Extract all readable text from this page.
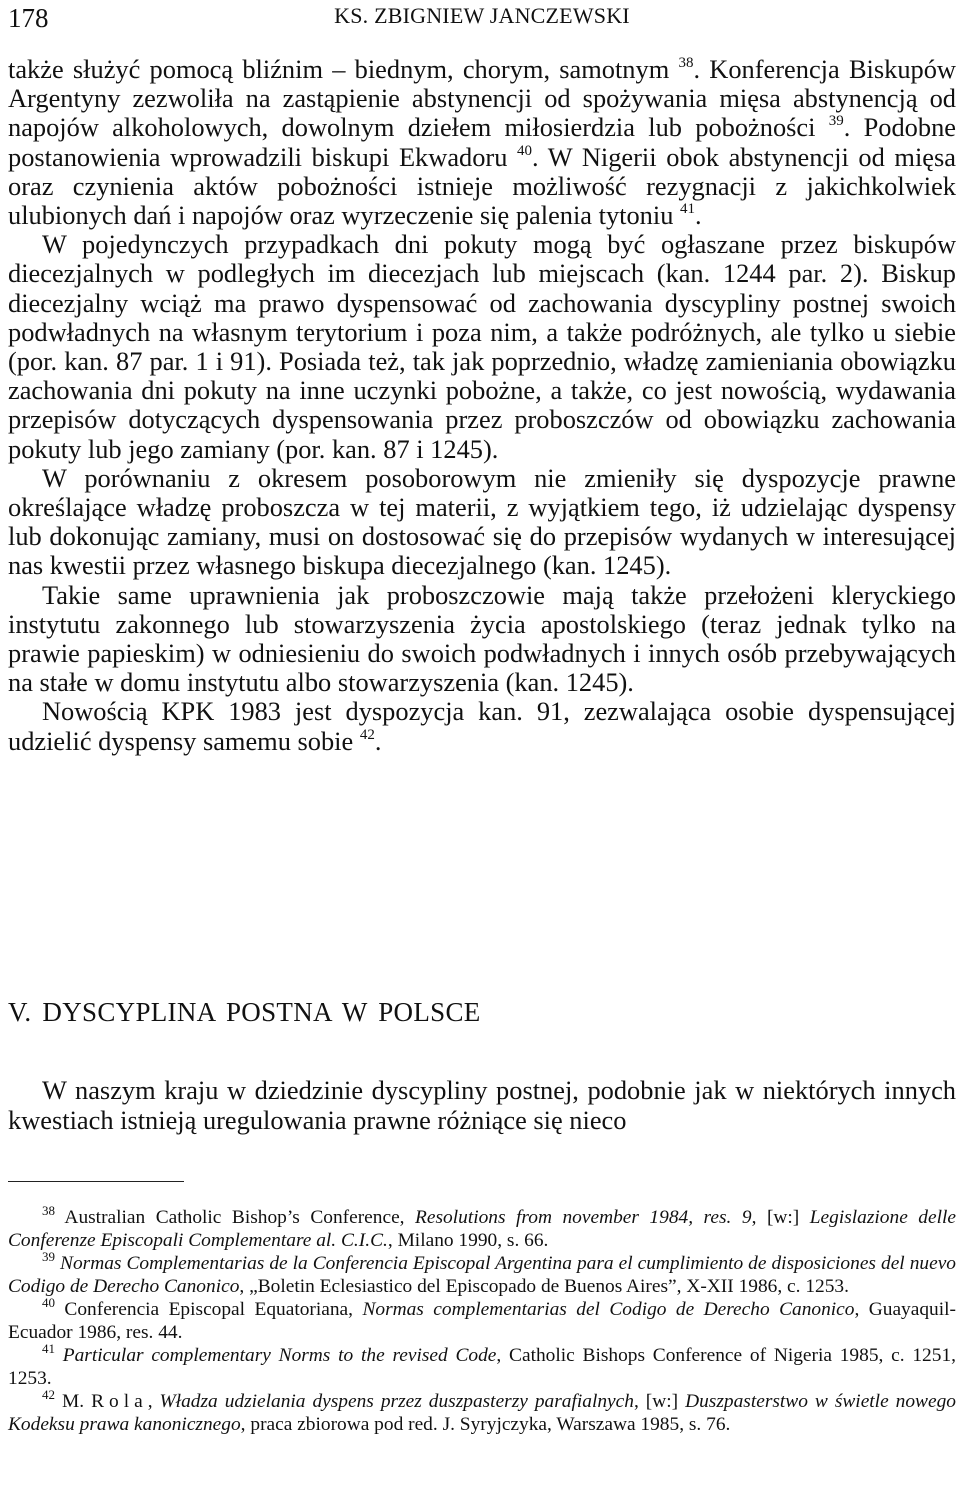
178	KS. ZBIGNIEW JANCZEWSKI

także służyć pomocą bliźnim – biednym, chorym, samotnym $^{38}$. Konferencja Biskupów Argentyny zezwoliła na zastąpienie abstynencji od spożywania mięsa abstynencją od napojów alkoholowych, dowolnym dziełem miłosierdzia lub pobożności $^{39}$. Podobne postanowienia wprowadzili biskupi Ekwadoru $^{40}$. W Nigerii obok abstynencji od mięsa oraz czynienia aktów pobożności istnieje możliwość rezygnacji z jakichkolwiek ulubionych dań i napojów oraz wyrzeczenie się palenia tytoniu $^{41}$.

W pojedynczych przypadkach dni pokuty mogą być ogłaszane przez biskupów diecezjalnych w podległych im diecezjach lub miejscach (kan. 1244 par. 2). Biskup diecezjalny wciąż ma prawo dyspensować od zachowania dyscypliny postnej swoich podwładnych na własnym terytorium i poza nim, a także podróżnych, ale tylko u siebie (por. kan. 87 par. 1 i 91). Posiada też, tak jak poprzednio, władzę zamieniania obowiązku zachowania dni pokuty na inne uczynki pobożne, a także, co jest nowością, wydawania przepisów dotyczących dyspensowania przez proboszczów od obowiązku zachowania pokuty lub jego zamiany (por. kan. 87 i 1245).

W porównaniu z okresem posoborowym nie zmieniły się dyspozycje prawne określające władzę proboszcza w tej materii, z wyjątkiem tego, iż udzielając dyspensy lub dokonując zamiany, musi on dostosować się do przepisów wydanych w interesującej nas kwestii przez własnego biskupa diecezjalnego (kan. 1245).

Takie same uprawnienia jak proboszczowie mają także przełożeni kleryckiego instytutu zakonnego lub stowarzyszenia życia apostolskiego (teraz jednak tylko na prawie papieskim) w odniesieniu do swoich podwładnych i innych osób przebywających na stałe w domu instytutu albo stowarzyszenia (kan. 1245).

Nowością KPK 1983 jest dyspozycja kan. 91, zezwalająca osobie dyspensującej udzielić dyspensy samemu sobie $^{42}$.

V. DYSCYPLINA POSTNA W POLSCE

W naszym kraju w dziedzinie dyscypliny postnej, podobnie jak w niektórych innych kwestiach istnieją uregulowania prawne różniące się nieco

$^{38}$ Australian Catholic Bishop’s Conference, Resolutions from november 1984, res. 9, [w:] Legislazione delle Conferenze Episcopali Complementare al. C.I.C., Milano 1990, s. 66.

$^{39}$ Normas Complementarias de la Conferencia Episcopal Argentina para el cumplimiento de disposiciones del nuevo Codigo de Derecho Canonico, „Boletin Eclesiastico del Episcopado de Buenos Aires”, X-XII 1986, c. 1253.

$^{40}$ Conferencia Episcopal Equatoriana, Normas complementarias del Codigo de Derecho Canonico, Guayaquil-Ecuador 1986, res. 44.

$^{41}$ Particular complementary Norms to the revised Code, Catholic Bishops Conference of Nigeria 1985, c. 1251, 1253.

$^{42}$ M. Rola, Władza udzielania dyspens przez duszpasterzy parafialnych, [w:] Duszpasterstwo w świetle nowego Kodeksu prawa kanonicznego, praca zbiorowa pod red. J. Syryjczyka, Warszawa 1985, s. 76.
